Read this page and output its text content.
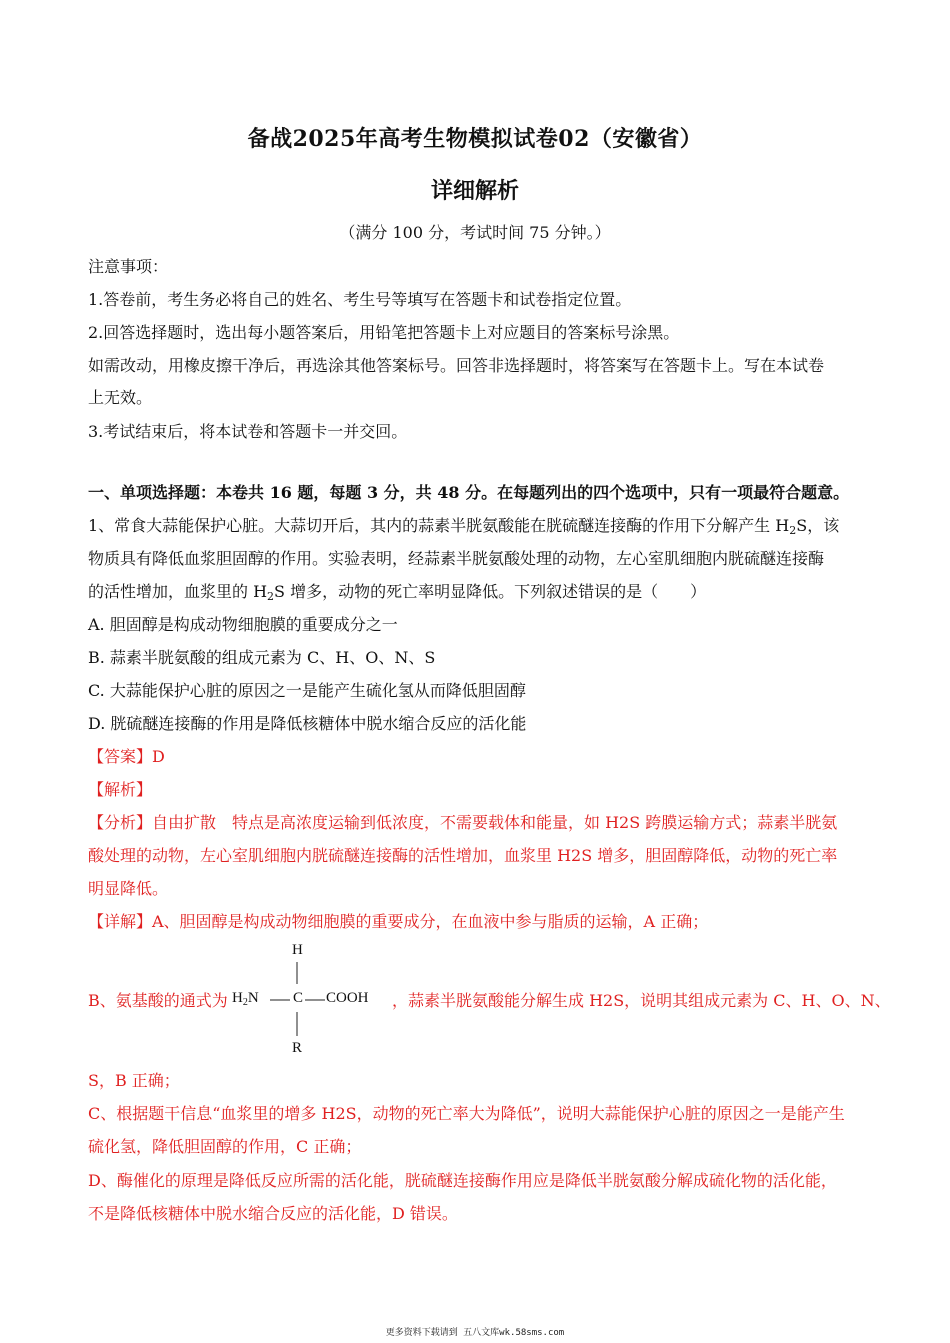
备战2025年高考生物模拟试卷02（安徽省）
详细解析
（满分 100 分，考试时间 75 分钟。）
注意事项：
1.答卷前，考生务必将自己的姓名、考生号等填写在答题卡和试卷指定位置。
2.回答选择题时，选出每小题答案后，用铅笔把答题卡上对应题目的答案标号涂黑。
如需改动，用橡皮擦干净后，再选涂其他答案标号。回答非选择题时，将答案写在答题卡上。写在本试卷
上无效。
3.考试结束后，将本试卷和答题卡一并交回。
一、单项选择题：本卷共 16 题，每题 3 分，共 48 分。在每题列出的四个选项中，只有一项最符合题意。
1、常食大蒜能保护心脏。大蒜切开后，其内的蒜素半胱氨酸能在胱硫醚连接酶的作用下分解产生 $H_2S$，该
物质具有降低血浆胆固醇的作用。实验表明，经蒜素半胱氨酸处理的动物，左心室肌细胞内胱硫醚连接酶
的活性增加，血浆里的 $H_2S$ 增多，动物的死亡率明显降低。下列叙述错误的是（　　）
A. 胆固醇是构成动物细胞膜的重要成分之一
B. 蒜素半胱氨酸的组成元素为 C、H、O、N、S
C. 大蒜能保护心脏的原因之一是能产生硫化氢从而降低胆固醇
D. 胱硫醚连接酶的作用是降低核糖体中脱水缩合反应的活化能
【答案】D
【解析】
【分析】自由扩散　特点是高浓度运输到低浓度，不需要载体和能量，如 H2S 跨膜运输方式；蒜素半胱氨
酸处理的动物，左心室肌细胞内胱硫醚连接酶的活性增加，血浆里 H2S 增多，胆固醇降低，动物的死亡率
明显降低。
【详解】A、胆固醇是构成动物细胞膜的重要成分，在血液中参与脂质的运输，A 正确；
B、氨基酸的通式为
H
$H_2N$ C COOH
R
，蒜素半胱氨酸能分解生成 H2S，说明其组成元素为 C、H、O、N、
S，B 正确；
C、根据题干信息“血浆里的增多 H2S，动物的死亡率大为降低”，说明大蒜能保护心脏的原因之一是能产生
硫化氢，降低胆固醇的作用，C 正确；
D、酶催化的原理是降低反应所需的活化能，胱硫醚连接酶作用应是降低半胱氨酸分解成硫化物的活化能，
不是降低核糖体中脱水缩合反应的活化能，D 错误。
更多资料下载请到 五八文库wk.58sms.com
